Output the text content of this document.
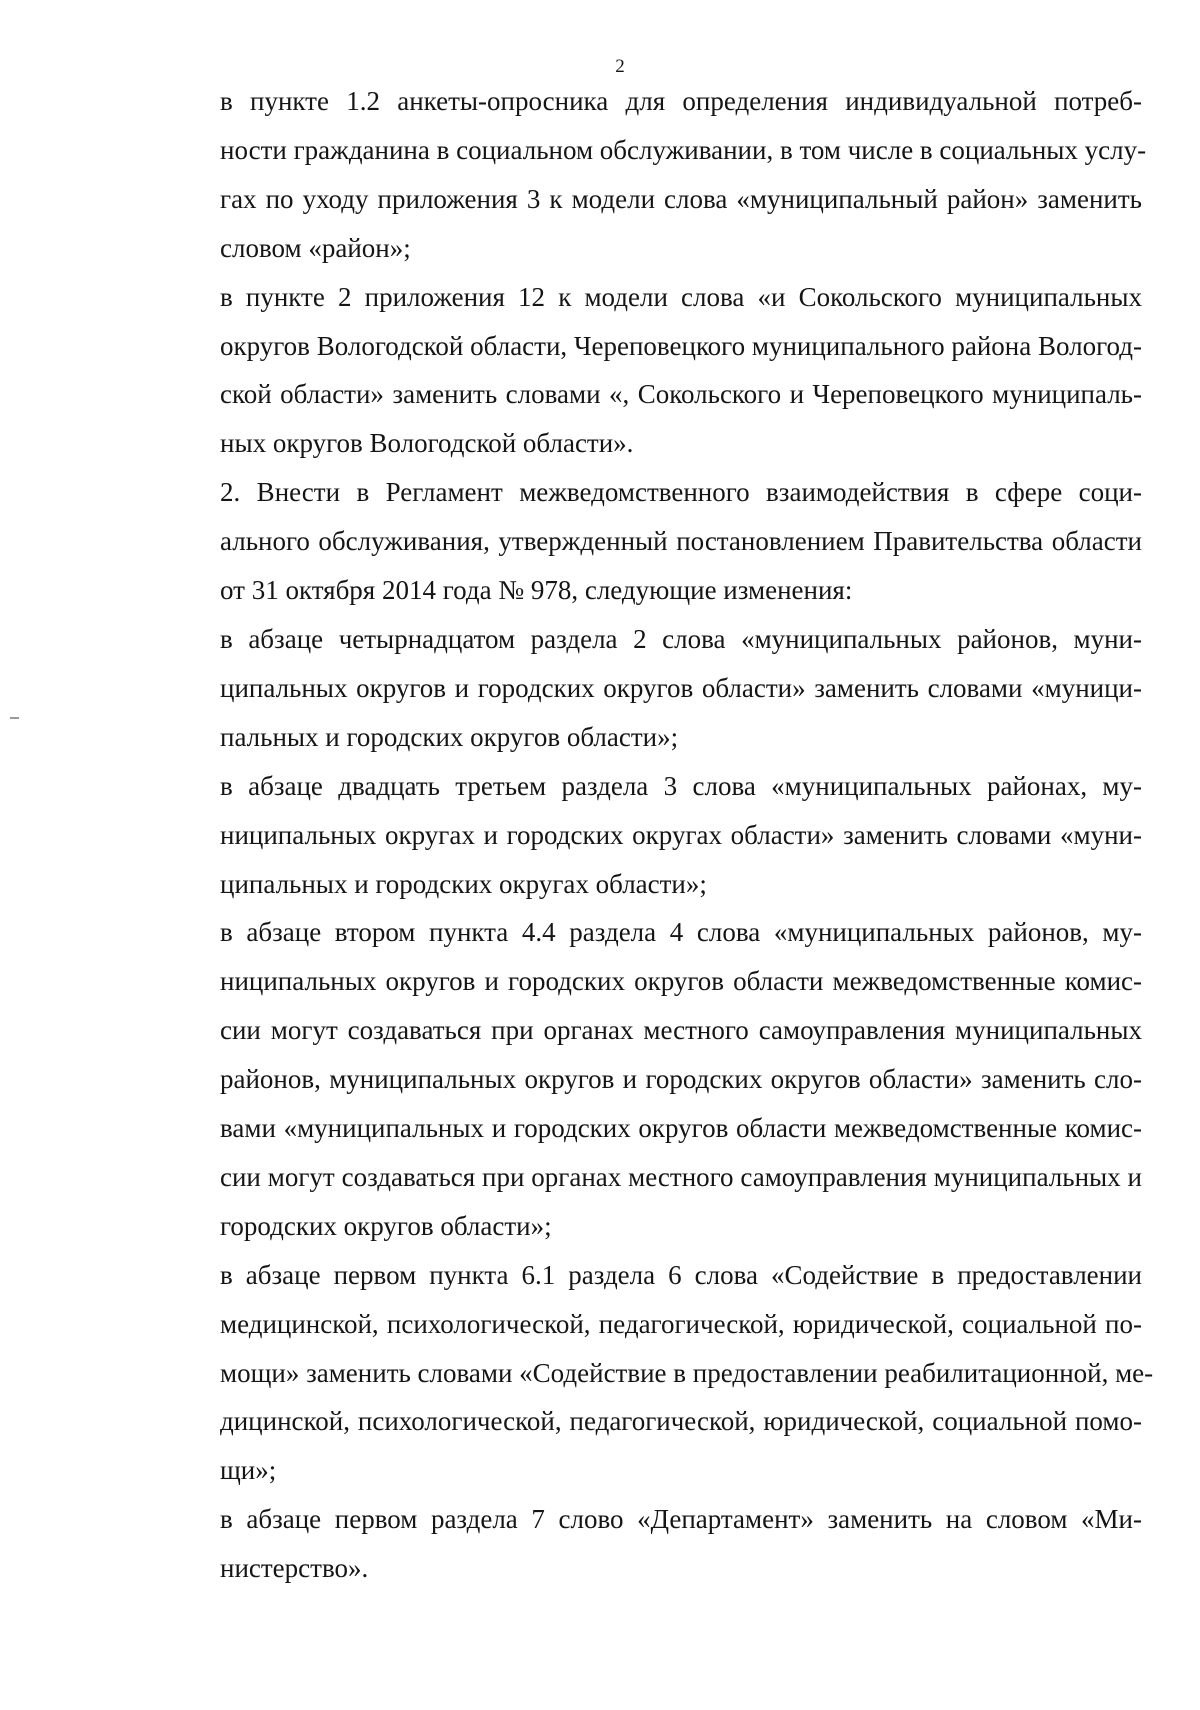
2

в пункте 1.2 анкеты-опросника для определения индивидуальной потреб-
ности гражданина в социальном обслуживании, в том числе в социальных услу-
гах по уходу приложения 3 к модели слова «муниципальный район» заменить
словом «район»;

в пункте 2 приложения 12 к модели слова «и Сокольского муниципальных
округов Вологодской области, Череповецкого муниципального района Вологод-
ской области» заменить словами «, Сокольского и Череповецкого муниципаль-
ных округов Вологодской области».

2. Внести в Регламент межведомственного взаимодействия в сфере соци-
ального обслуживания, утвержденный постановлением Правительства области
от 31 октября 2014 года № 978, следующие изменения:

в абзаце четырнадцатом раздела 2 слова «муниципальных районов, муни-
ципальных округов и городских округов области» заменить словами «муници-
пальных и городских округов области»;

в абзаце двадцать третьем раздела 3 слова «муниципальных районах, му-
ниципальных округах и городских округах области» заменить словами «муни-
ципальных и городских округах области»;

в абзаце втором пункта 4.4 раздела 4 слова «муниципальных районов, му-
ниципальных округов и городских округов области межведомственные комис-
сии могут создаваться при органах местного самоуправления муниципальных
районов, муниципальных округов и городских округов области» заменить сло-
вами «муниципальных и городских округов области межведомственные комис-
сии могут создаваться при органах местного самоуправления муниципальных и
городских округов области»;

в абзаце первом пункта 6.1 раздела 6 слова «Содействие в предоставлении
медицинской, психологической, педагогической, юридической, социальной по-
мощи» заменить словами «Содействие в предоставлении реабилитационной, ме-
дицинской, психологической, педагогической, юридической, социальной помо-
щи»;

в абзаце первом раздела 7 слово «Департамент» заменить на словом «Ми-
нистерство».
